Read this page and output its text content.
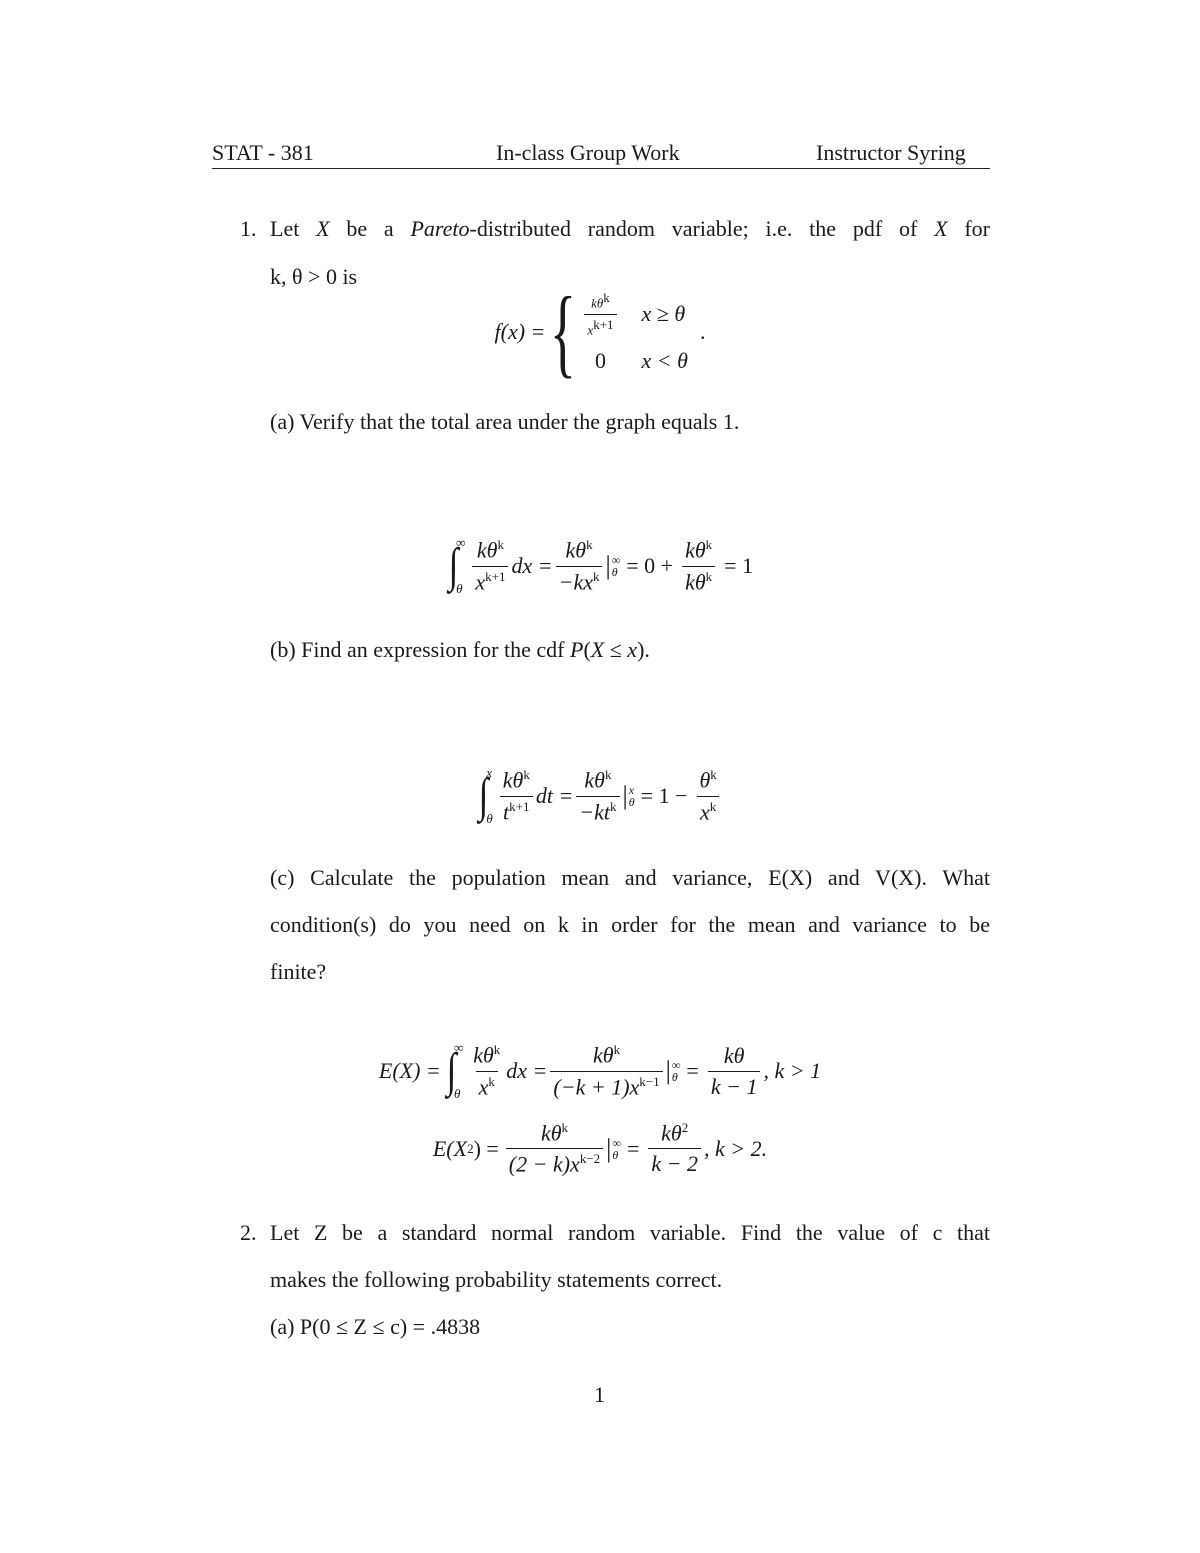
STAT - 381	In-class Group Work	Instructor Syring
1. Let X be a Pareto-distributed random variable; i.e. the pdf of X for
k, θ > 0 is
f(x) = { $\frac{k\theta^k}{x^{k+1}}$ x ≥ θ
0	x < θ
.
(a) Verify that the total area under the graph equals 1.
∫
∞
θ $\frac{k\theta^k}{x^{k+1}}$ dx = $\frac{k\theta^k}{-kx^k}$ | ∞
$\theta = 0 + \frac{k\theta^k}{k\theta^k} = 1$
(b) Find an expression for the cdf P(X ≤ x).
∫
x
θ $\frac{k\theta^k}{t^{k+1}}$ dt = $\frac{k\theta^k}{-kt^k}$ | x
$\theta = 1 - \frac{\theta^k}{x^k}$
(c) Calculate the population mean and variance, E(X) and V(X). What
condition(s) do you need on k in order for the mean and variance to be
finite?
E(X) = ∫
∞
θ $\frac{k\theta^k}{x^k}$ dx = $\frac{k\theta^k}{(-k + 1)x^{k-1}}$ | ∞
$\theta = \frac{k\theta}{k - 1}$ , k > 1
E(X 2 ) = $\frac{k\theta^k}{(2 - k)x^{k-2}}$ | ∞
$\theta = \frac{k\theta^2}{k - 2}$ , k > 2.
2. Let Z be a standard normal random variable. Find the value of c that
makes the following probability statements correct.
(a) P(0 ≤ Z ≤ c) = .4838
1
